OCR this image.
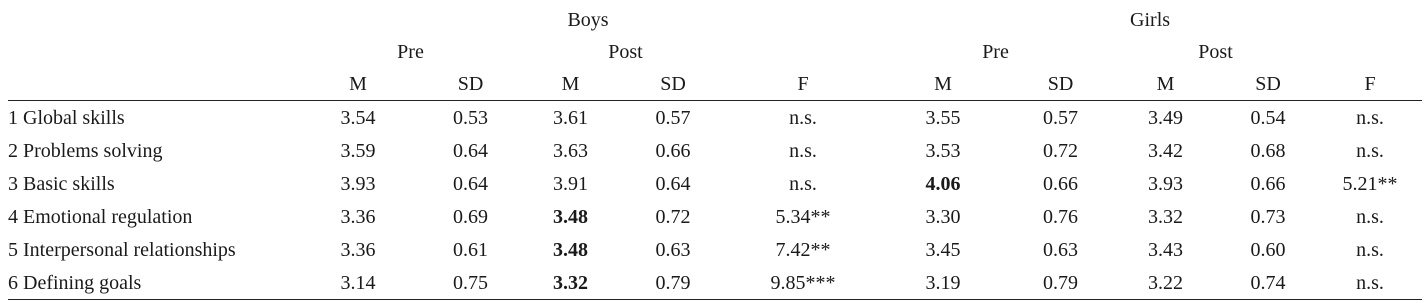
	Boys					Girls				
	Pre		Post			Pre		Post		
	M	SD	M	SD	F	M	SD	M	SD	F
1 Global skills	3.54	0.53	3.61	0.57	n.s.	3.55	0.57	3.49	0.54	n.s.
2 Problems solving	3.59	0.64	3.63	0.66	n.s.	3.53	0.72	3.42	0.68	n.s.
3 Basic skills	3.93	0.64	3.91	0.64	n.s.	4.06	0.66	3.93	0.66	5.21**
4 Emotional regulation	3.36	0.69	3.48	0.72	5.34**	3.30	0.76	3.32	0.73	n.s.
5 Interpersonal relationships	3.36	0.61	3.48	0.63	7.42**	3.45	0.63	3.43	0.60	n.s.
6 Defining goals	3.14	0.75	3.32	0.79	9.85***	3.19	0.79	3.22	0.74	n.s.
